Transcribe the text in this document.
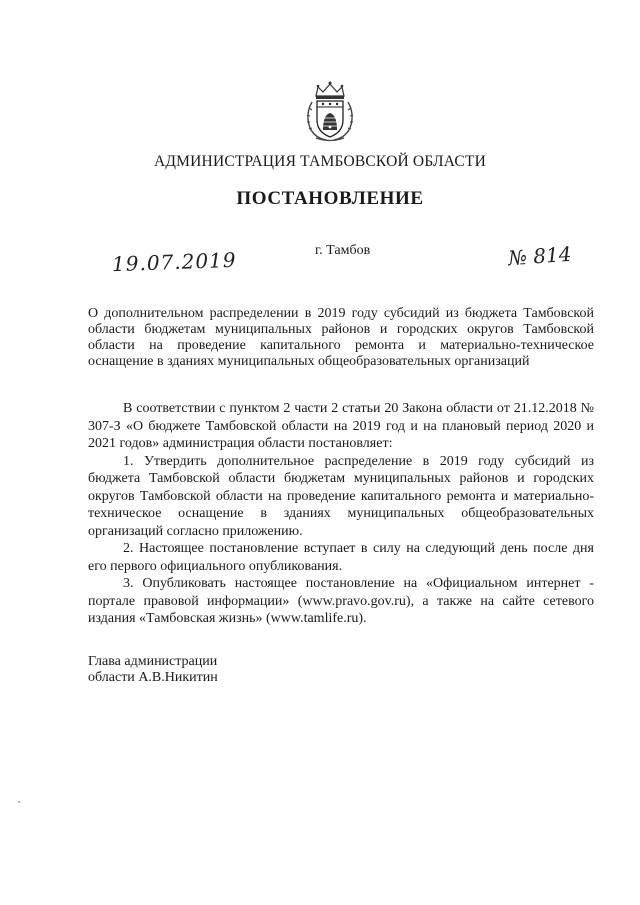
АДМИНИСТРАЦИЯ ТАМБОВСКОЙ ОБЛАСТИ
ПОСТАНОВЛЕНИЕ
19.07.2019	г. Тамбов	№ 814
О дополнительном распределении в 2019 году субсидий из бюджета Тамбовской области бюджетам муниципальных районов и городских округов Тамбовской области на проведение капитального ремонта и материально-техническое оснащение в зданиях муниципальных общеобразовательных организаций

В соответствии с пунктом 2 части 2 статьи 20 Закона области от 21.12.2018 № 307-З «О бюджете Тамбовской области на 2019 год и на плановый период 2020 и 2021 годов» администрация области постановляет:

1. Утвердить дополнительное распределение в 2019 году субсидий из бюджета Тамбовской области бюджетам муниципальных районов и городских округов Тамбовской области на проведение капитального ремонта и материально-техническое оснащение в зданиях муниципальных общеобразовательных организаций согласно приложению.

2. Настоящее постановление вступает в силу на следующий день после дня его первого официального опубликования.

3. Опубликовать настоящее постановление на «Официальном интернет - портале правовой информации» (www.pravo.gov.ru), а также на сайте сетевого издания «Тамбовская жизнь» (www.tamlife.ru).

Глава администрации
области А.В.Никитин
